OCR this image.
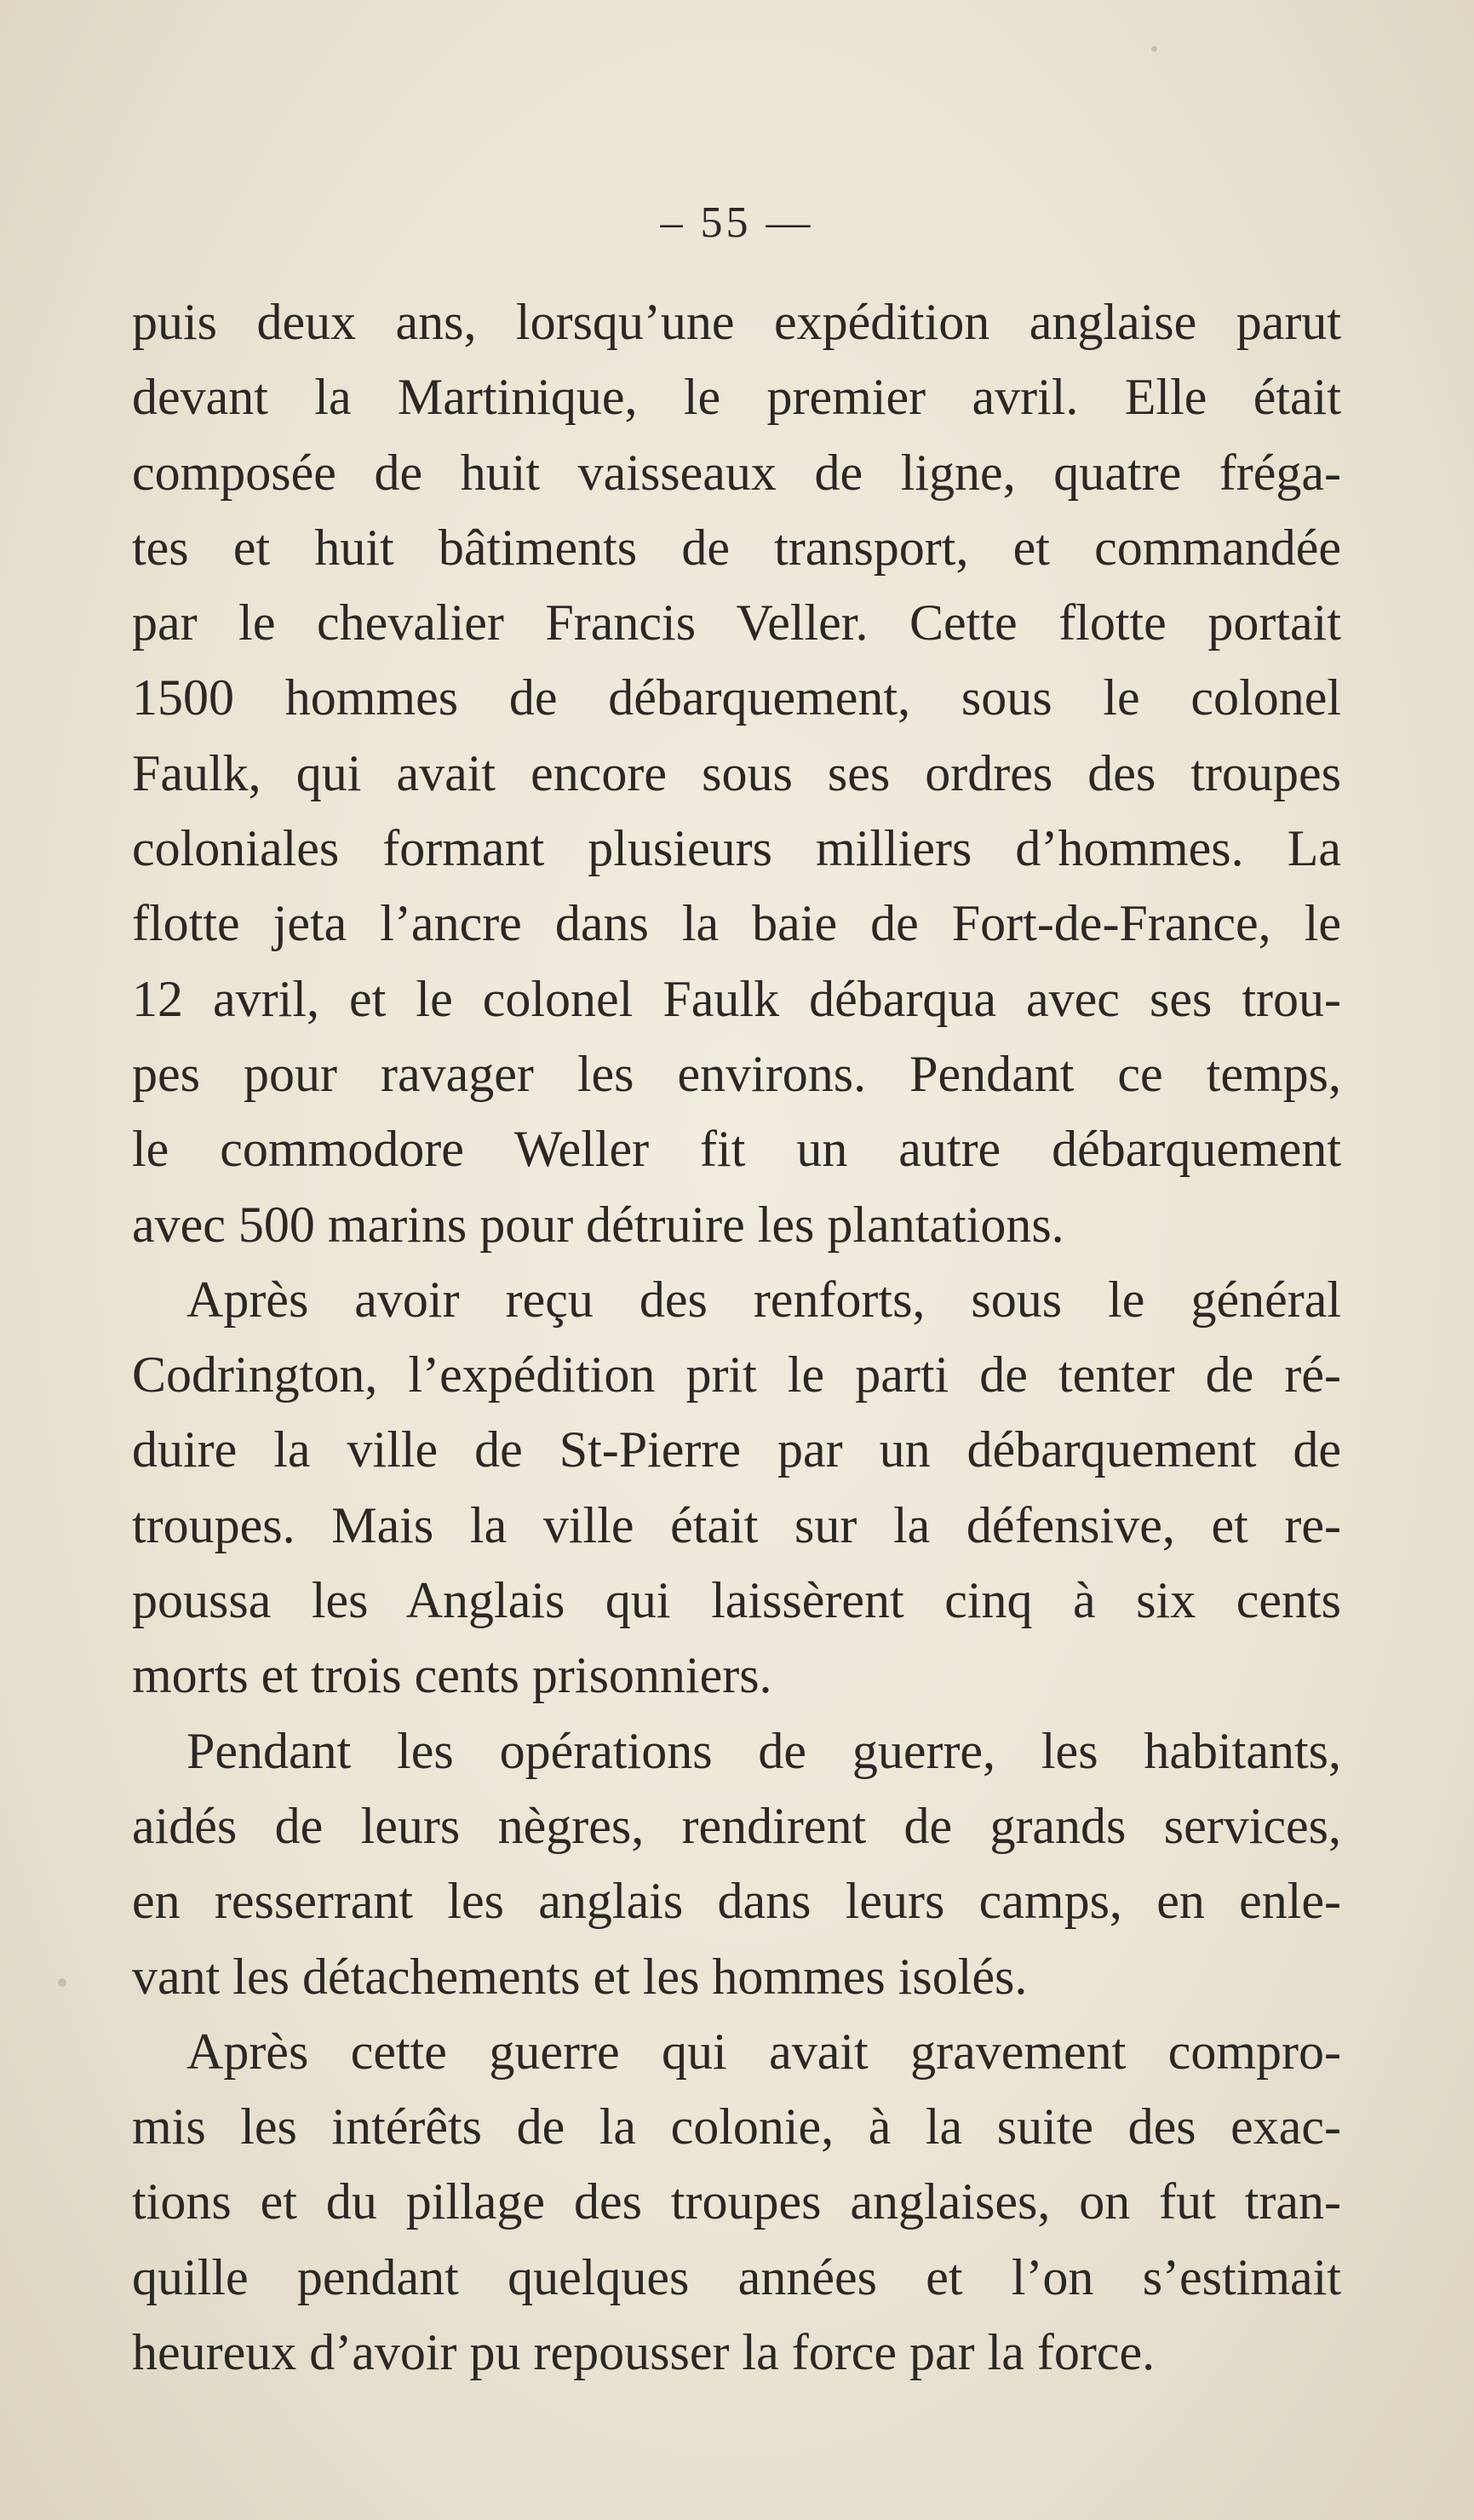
– 55 —
puis deux ans, lorsqu’une expédition anglaise parut
devant la Martinique, le premier avril. Elle était
composée de huit vaisseaux de ligne, quatre fréga-
tes et huit bâtiments de transport, et commandée
par le chevalier Francis Veller. Cette flotte portait
1500 hommes de débarquement, sous le colonel
Faulk, qui avait encore sous ses ordres des troupes
coloniales formant plusieurs milliers d’hommes. La
flotte jeta l’ancre dans la baie de Fort-de-France, le
12 avril, et le colonel Faulk débarqua avec ses trou-
pes pour ravager les environs. Pendant ce temps,
le commodore Weller fit un autre débarquement
avec 500 marins pour détruire les plantations.
Après avoir reçu des renforts, sous le général
Codrington, l’expédition prit le parti de tenter de ré-
duire la ville de St-Pierre par un débarquement de
troupes. Mais la ville était sur la défensive, et re-
poussa les Anglais qui laissèrent cinq à six cents
morts et trois cents prisonniers.
Pendant les opérations de guerre, les habitants,
aidés de leurs nègres, rendirent de grands services,
en resserrant les anglais dans leurs camps, en enle-
vant les détachements et les hommes isolés.
Après cette guerre qui avait gravement compro-
mis les intérêts de la colonie, à la suite des exac-
tions et du pillage des troupes anglaises, on fut tran-
quille pendant quelques années et l’on s’estimait
heureux d’avoir pu repousser la force par la force.
